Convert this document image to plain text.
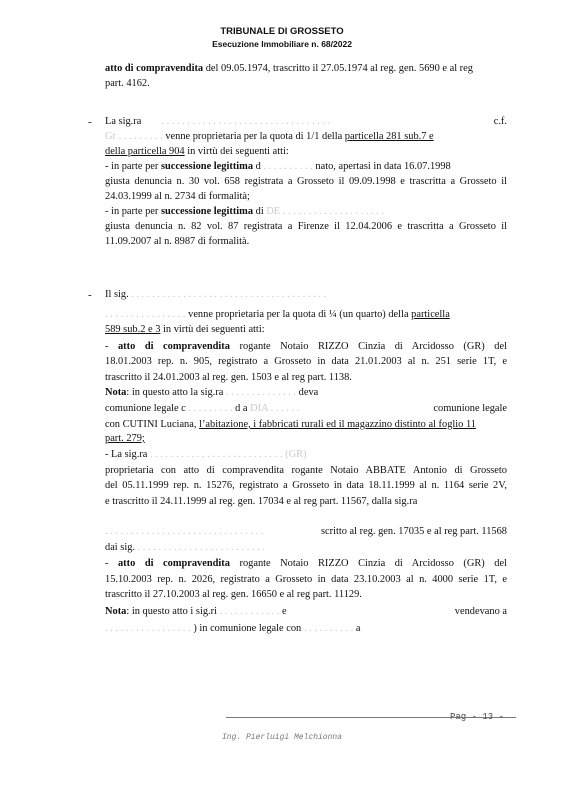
TRIBUNALE DI GROSSETO
Esecuzione Immobiliare n. 68/2022
atto di compravendita del 09.05.1974, trascritto il 27.05.1974 al reg. gen. 5690 e al reg
part. 4162.
- La sig.ra . . . . . . . . . . . . . . . . . . . . . . . . . . . . . . . . .	c.f.
Gr . . . . . . . . . venne proprietaria per la quota di 1/1 della particella 281 sub.7 e
della particella 904 in virtù dei seguenti atti:
- in parte per successione legittima d . . . . . . . . . . nato, apertasi in data 16.07.1998
giusta denuncia n. 30 vol. 658 registrata a Grosseto il 09.09.1998 e trascritta a Grosseto il
24.03.1999 al n. 2734 di formalità;
- in parte per successione legittima di DE . . . . . . . . . . . . . . . . . . . .
giusta denuncia n. 82 vol. 87 registrata a Firenze il 12.04.2006 e trascritta a Grosseto il
11.09.2007 al n. 8987 di formalità.
- Il sig. . . . . . . . . . . . . . . . . . . . . . . . . . . . . . . . . . . . . . .
. . . . . . . . . . . . . . . . venne proprietaria per la quota di ¼ (un quarto) della particella
589 sub.2 e 3 in virtù dei seguenti atti:
- atto di compravendita rogante Notaio RIZZO Cinzia di Arcidosso (GR) del
18.01.2003 rep. n. 905, registrato a Grosseto in data 21.01.2003 al n. 251 serie 1T, e
trascritto il 24.01.2003 al reg. gen. 1503 e al reg part. 1138.
Nota: in questo atto la sig.ra . . . . . . . . . . . . . . deva
comunione legale c . . . . . . . . . d a DIA . . . . . .	comunione legale
con CUTINI Luciana, l’abitazione, i fabbricati rurali ed il magazzino distinto al foglio 11
part. 279;
- La sig.ra . . . . . . . . . . . . . . . . . . . . . . . . . . (GR)
proprietaria con atto di compravendita rogante Notaio ABBATE Antonio di Grosseto
del 05.11.1999 rep. n. 15276, registrato a Grosseto in data 18.11.1999 al n. 1164 serie 2V,
e trascritto il 24.11.1999 al reg. gen. 17034 e al reg part. 11567, dalla sig.ra
. . . . . . . . . . . . . . . . . . . . . . . . . . . . . . .	scritto al reg. gen. 17035 e al reg part. 11568
dai sig. . . . . . . . . . . . . . . . . . . . . . . . . .
- atto di compravendita rogante Notaio RIZZO Cinzia di Arcidosso (GR) del
15.10.2003 rep. n. 2026, registrato a Grosseto in data 23.10.2003 al n. 4000 serie 1T, e
trascritto il 27.10.2003 al reg. gen. 16650 e al reg part. 11129.
Nota: in questo atto i sig.ri . . . . . . . . . . . . e	vendevano a
. . . . . . . . . . . . . . . . . ) in comunione legale con . . . . . . . . . . a
Pag - 13 -
Ing. Pierluigi Melchionna
